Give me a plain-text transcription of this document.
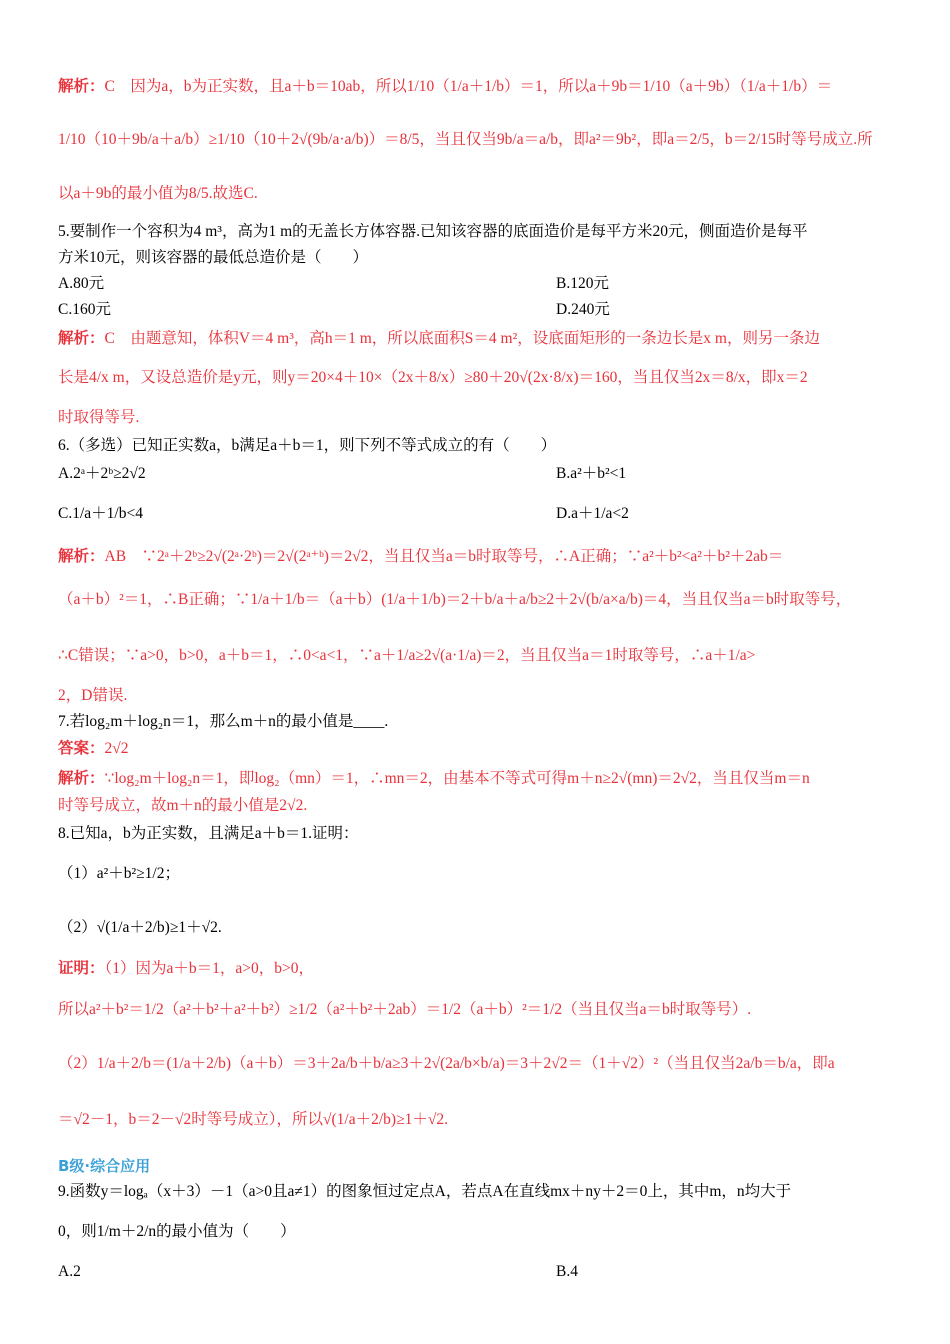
解析：C　因为a，b为正实数，且a＋b＝10ab，所以1/10（1/a＋1/b）＝1，所以a＋9b＝1/10（a＋9b）（1/a＋1/b）＝
1/10（10＋9b/a＋a/b）≥1/10（10＋2√(9b/a·a/b)）＝8/5，当且仅当9b/a＝a/b，即a²＝9b²，即a＝2/5，b＝2/15时等号成立.所
以a＋9b的最小值为8/5.故选C.
5.要制作一个容积为4 m³，高为1 m的无盖长方体容器.已知该容器的底面造价是每平方米20元，侧面造价是每平
方米10元，则该容器的最低总造价是（　　）
A.80元	B.120元
C.160元	D.240元
解析：C　由题意知，体积V＝4 m³，高h＝1 m，所以底面积S＝4 m²，设底面矩形的一条边长是x m，则另一条边
长是4/x m，又设总造价是y元，则y＝20×4＋10×（2x＋8/x）≥80＋20√(2x·8/x)＝160，当且仅当2x＝8/x，即x＝2
时取得等号.
6.（多选）已知正实数a，b满足a＋b＝1，则下列不等式成立的有（　　）
A.2ᵃ＋2ᵇ≥2√2	B.a²＋b²<1
C.1/a＋1/b<4	D.a＋1/a<2
解析：AB　∵2ᵃ＋2ᵇ≥2√(2ᵃ·2ᵇ)＝2√(2ᵃ⁺ᵇ)＝2√2，当且仅当a＝b时取等号，∴A正确；∵a²＋b²<a²＋b²＋2ab＝
（a＋b）²＝1，∴B正确；∵1/a＋1/b＝（a＋b）(1/a＋1/b)＝2＋b/a＋a/b≥2＋2√(b/a×a/b)＝4，当且仅当a＝b时取等号，
∴C错误；∵a>0，b>0，a＋b＝1，∴0<a<1，∵a＋1/a≥2√(a·1/a)＝2，当且仅当a＝1时取等号，∴a＋1/a>
2，D错误.
7.若log₂m＋log₂n＝1，那么m＋n的最小值是____.
答案：2√2
解析：∵log₂m＋log₂n＝1，即log₂（mn）＝1，∴mn＝2，由基本不等式可得m＋n≥2√(mn)＝2√2，当且仅当m＝n
时等号成立，故m＋n的最小值是2√2.
8.已知a，b为正实数，且满足a＋b＝1.证明：
（1）a²＋b²≥1/2；
（2）√(1/a＋2/b)≥1＋√2.
证明：（1）因为a＋b＝1，a>0，b>0，
所以a²＋b²＝1/2（a²＋b²＋a²＋b²）≥1/2（a²＋b²＋2ab）＝1/2（a＋b）²＝1/2（当且仅当a＝b时取等号）.
（2）1/a＋2/b＝(1/a＋2/b)（a＋b）＝3＋2a/b＋b/a≥3＋2√(2a/b×b/a)＝3＋2√2＝（1＋√2）²（当且仅当2a/b＝b/a，即a
＝√2－1，b＝2－√2时等号成立），所以√(1/a＋2/b)≥1＋√2.
B级·综合应用
9.函数y＝logₐ（x＋3）－1（a>0且a≠1）的图象恒过定点A，若点A在直线mx＋ny＋2＝0上，其中m，n均大于
0，则1/m＋2/n的最小值为（　　）
A.2	B.4
